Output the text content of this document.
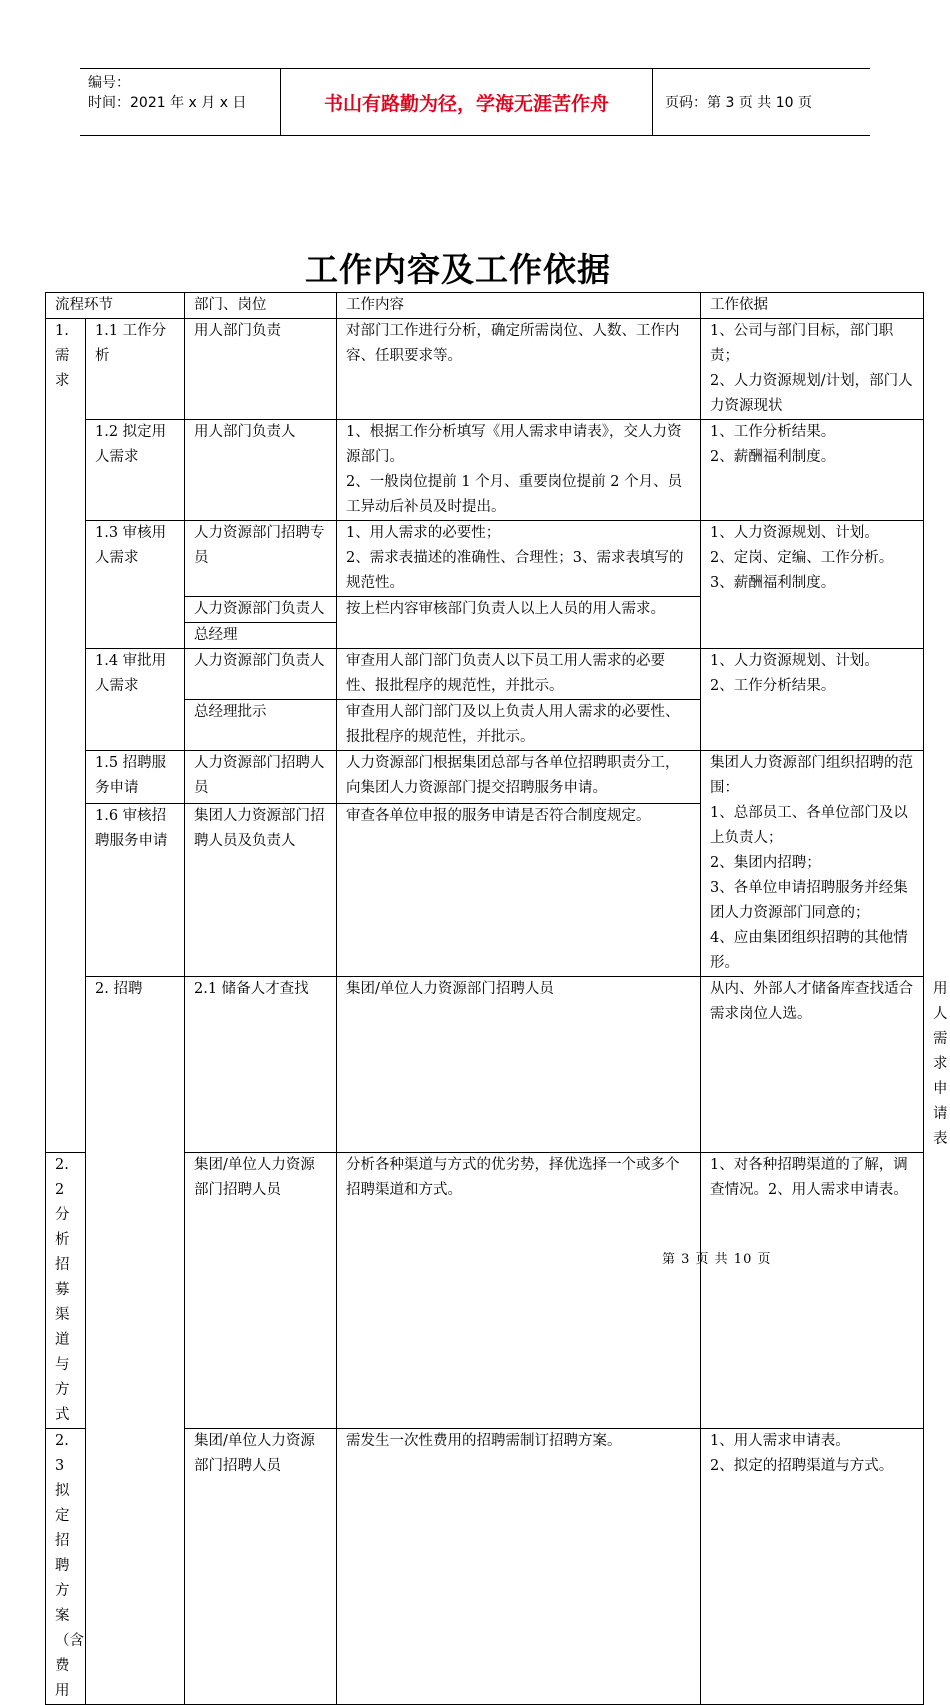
编号：
时间：2021 年 x 月 x 日	书山有路勤为径，学海无涯苦作舟	页码：第 3 页 共 10 页
工作内容及工作依据
流程环节		部门、岗位	工作内容	工作依据	
1. 需求	1.1 工作分析	用人部门负责	对部门工作进行分析，确定所需岗位、人数、工作内容、任职要求等。	1、公司与部门目标，部门职责；
2、人力资源规划/计划，部门人力资源现状	

	1.2 拟定用人需求	用人部门负责人	1、根据工作分析填写《用人需求申请表》，交人力资源部门。
2、一般岗位提前 1 个月、重要岗位提前 2 个月、员工异动后补员及时提出。	1、工作分析结果。
2、薪酬福利制度。	

	1.3 审核用人需求	人力资源部门招聘专员	1、用人需求的必要性；
2、需求表描述的准确性、合理性；3、需求表填写的规范性。	1、人力资源规划、计划。
2、定岗、定编、工作分析。
3、薪酬福利制度。	

		人力资源部门负责人	按上栏内容审核部门负责人以上人员的用人需求。		
		总经理			
	1.4 审批用人需求	人力资源部门负责人	审查用人部门部门负责人以下员工用人需求的必要性、报批程序的规范性，并批示。	1、人力资源规划、计划。
2、工作分析结果。	

		总经理批示	审查用人部门部门及以上负责人用人需求的必要性、报批程序的规范性，并批示。		
	1.5 招聘服务申请	人力资源部门招聘人员	人力资源部门根据集团总部与各单位招聘职责分工，向集团人力资源部门提交招聘服务申请。	集团人力资源部门组织招聘的范围：
1、总部员工、各单位部门及以上负责人；
2、集团内招聘；
3、各单位申请招聘服务并经集团人力资源部门同意的；
4、应由集团组织招聘的其他情形。	

	1.6 审核招聘服务申请	集团人力资源部门招聘人员及负责人	审查各单位申报的服务申请是否符合制度规定。		
	2. 招聘	2.1 储备人才查找	集团/单位人力资源部门招聘人员	从内、外部人才储备库查找适合需求岗位人选。	用人需求申请表
2.2 分析招募渠道与方式		集团/单位人力资源部门招聘人员	分析各种渠道与方式的优劣势，择优选择一个或多个招聘渠道和方式。	1、对各种招聘渠道的了解，调查情况。2、用人需求申请表。	
2.3 拟定招聘方案（含费用		集团/单位人力资源部门招聘人员	需发生一次性费用的招聘需制订招聘方案。	1、用人需求申请表。
2、拟定的招聘渠道与方式。	
第 3 页 共 10 页
